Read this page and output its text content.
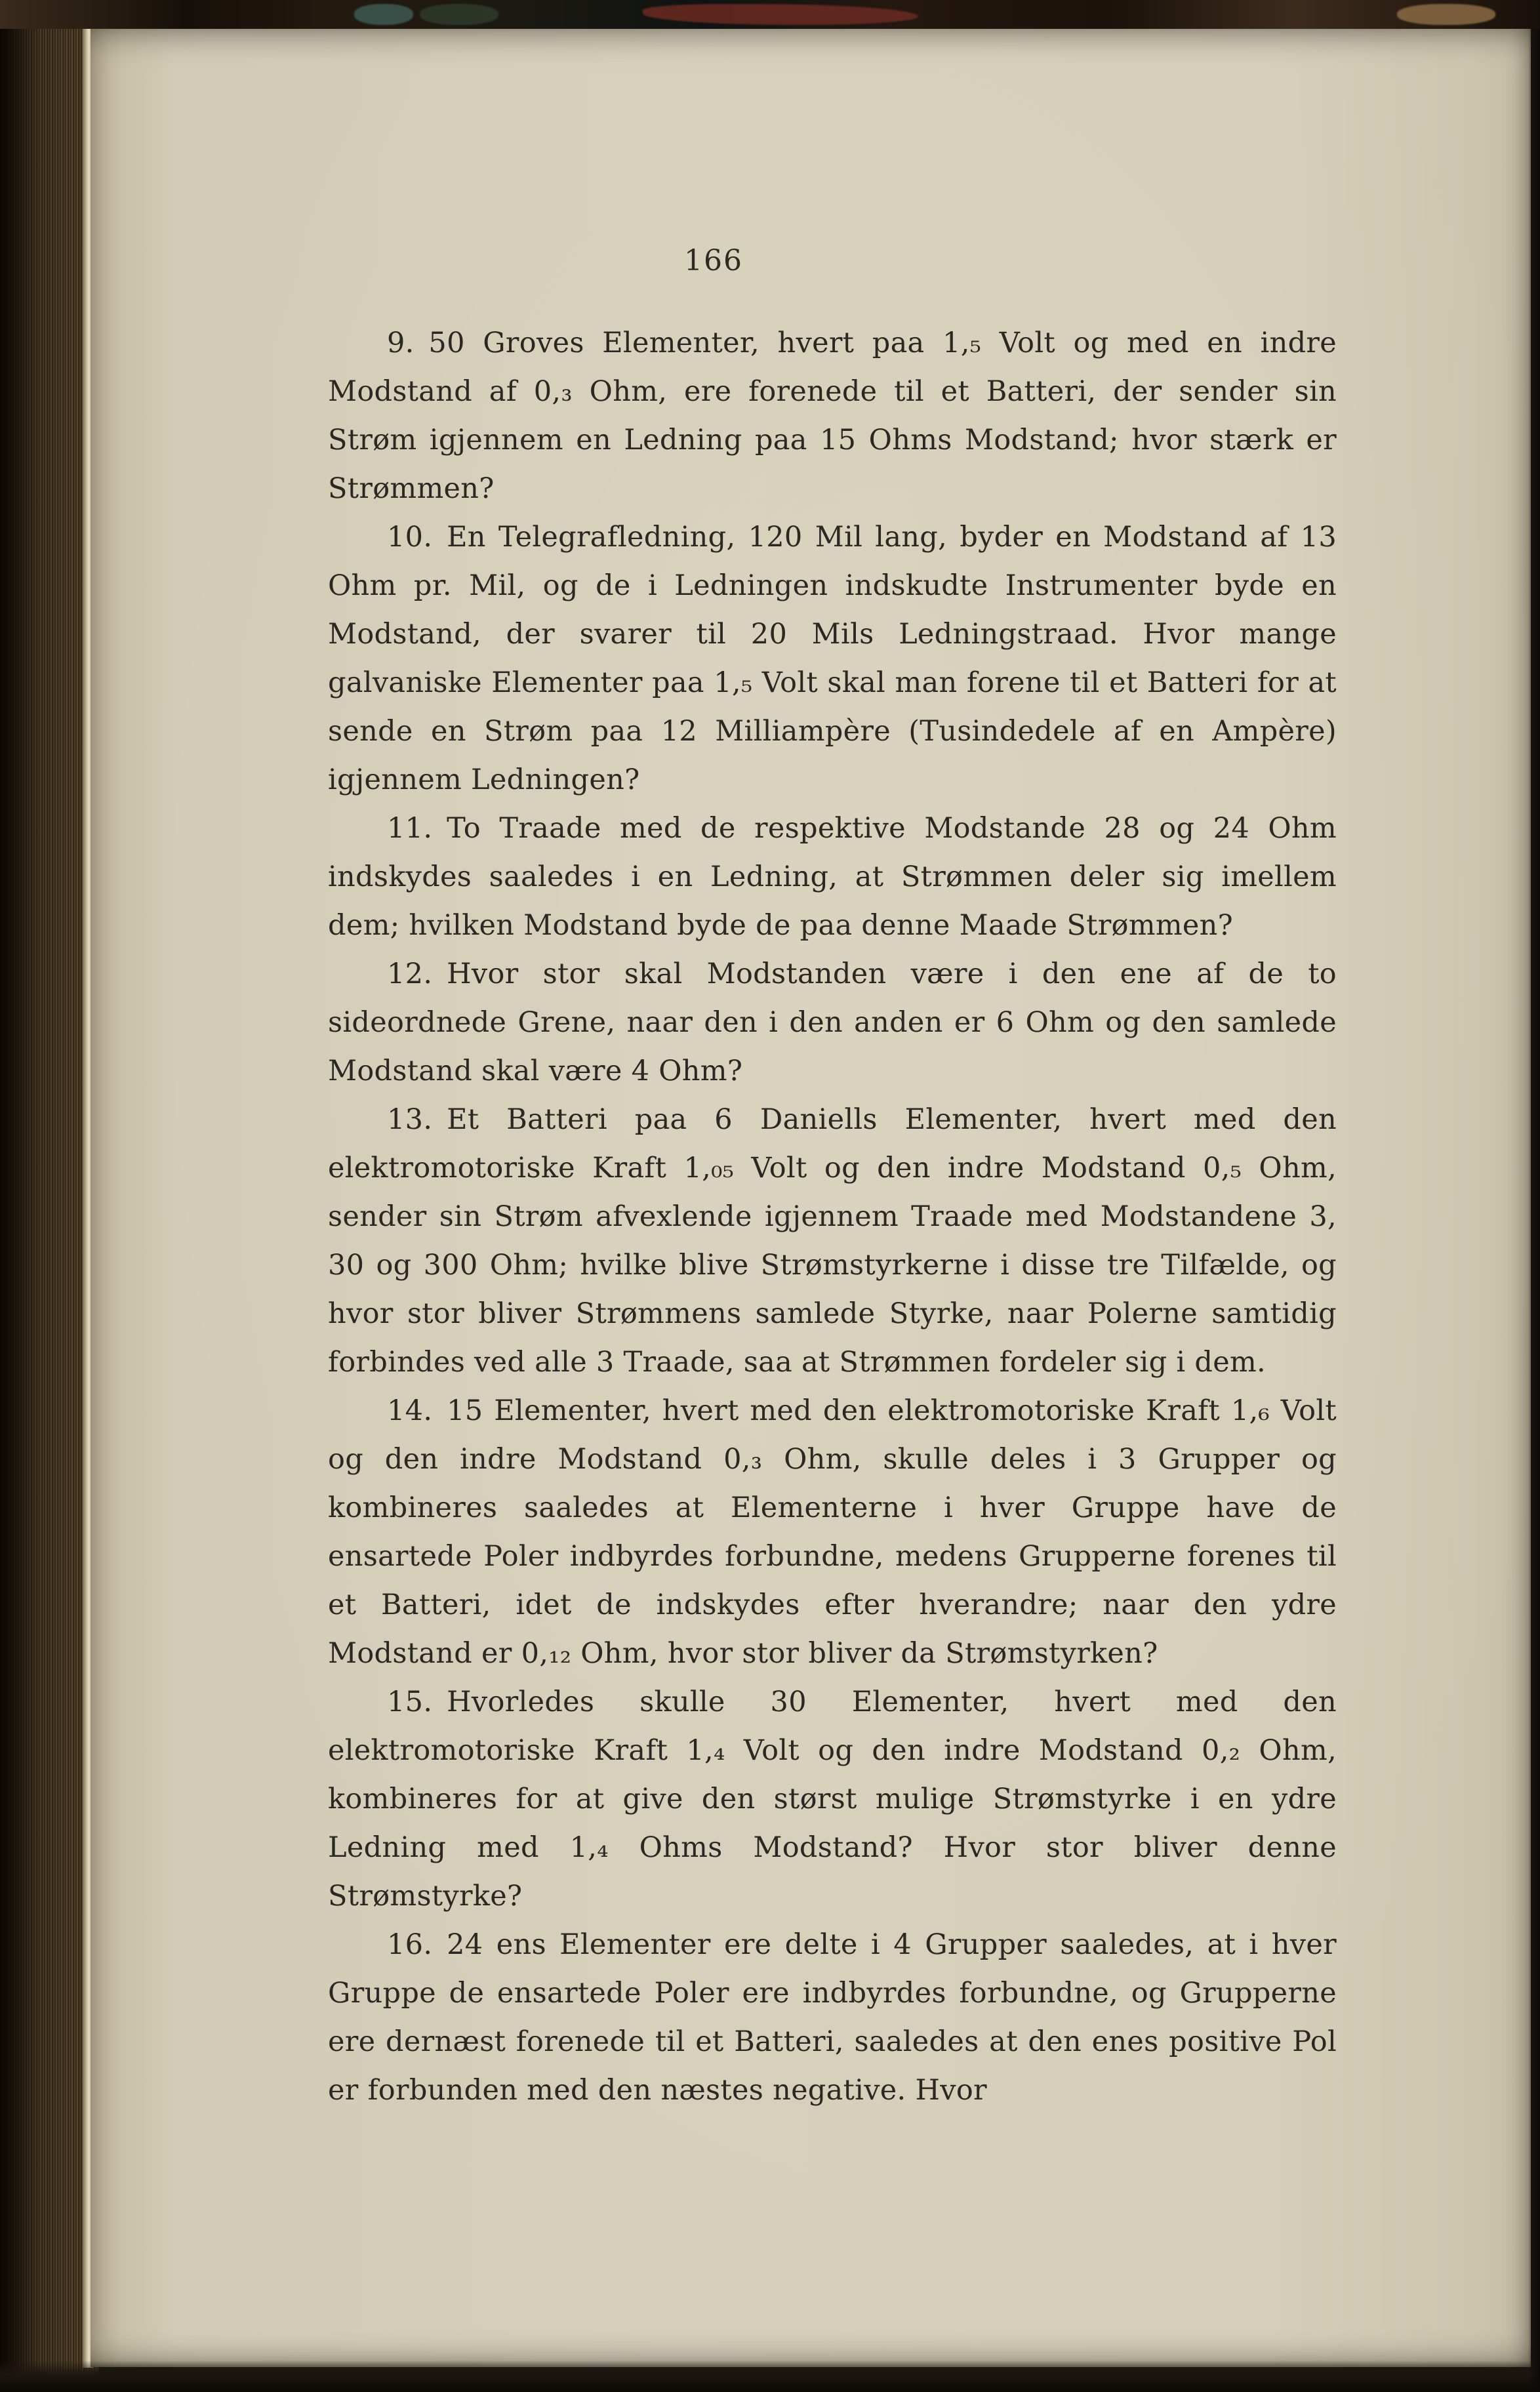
166

9. 50 Groves Elementer, hvert paa 1,₅ Volt og med en indre Modstand af 0,₃ Ohm, ere forenede til et Batteri, der sender sin Strøm igjennem en Ledning paa 15 Ohms Modstand; hvor stærk er Strømmen?

10. En Telegrafledning, 120 Mil lang, byder en Modstand af 13 Ohm pr. Mil, og de i Ledningen indskudte Instrumenter byde en Modstand, der svarer til 20 Mils Ledningstraad. Hvor mange galvaniske Elementer paa 1,₅ Volt skal man forene til et Batteri for at sende en Strøm paa 12 Milliampère (Tusindedele af en Ampère) igjennem Ledningen?

11. To Traade med de respektive Modstande 28 og 24 Ohm indskydes saaledes i en Ledning, at Strømmen deler sig imellem dem; hvilken Modstand byde de paa denne Maade Strømmen?

12. Hvor stor skal Modstanden være i den ene af de to sideordnede Grene, naar den i den anden er 6 Ohm og den samlede Modstand skal være 4 Ohm?

13. Et Batteri paa 6 Daniells Elementer, hvert med den elektromotoriske Kraft 1,₀₅ Volt og den indre Modstand 0,₅ Ohm, sender sin Strøm afvexlende igjennem Traade med Modstandene 3, 30 og 300 Ohm; hvilke blive Strømstyrkerne i disse tre Tilfælde, og hvor stor bliver Strømmens samlede Styrke, naar Polerne samtidig forbindes ved alle 3 Traade, saa at Strømmen fordeler sig i dem.

14. 15 Elementer, hvert med den elektromotoriske Kraft 1,₆ Volt og den indre Modstand 0,₃ Ohm, skulle deles i 3 Grupper og kombineres saaledes at Elementerne i hver Gruppe have de ensartede Poler indbyrdes forbundne, medens Grupperne forenes til et Batteri, idet de indskydes efter hverandre; naar den ydre Modstand er 0,₁₂ Ohm, hvor stor bliver da Strømstyrken?

15. Hvorledes skulle 30 Elementer, hvert med den elektromotoriske Kraft 1,₄ Volt og den indre Modstand 0,₂ Ohm, kombineres for at give den størst mulige Strømstyrke i en ydre Ledning med 1,₄ Ohms Modstand? Hvor stor bliver denne Strømstyrke?

16. 24 ens Elementer ere delte i 4 Grupper saaledes, at i hver Gruppe de ensartede Poler ere indbyrdes forbundne, og Grupperne ere dernæst forenede til et Batteri, saaledes at den enes positive Pol er forbunden med den næstes negative. Hvor
